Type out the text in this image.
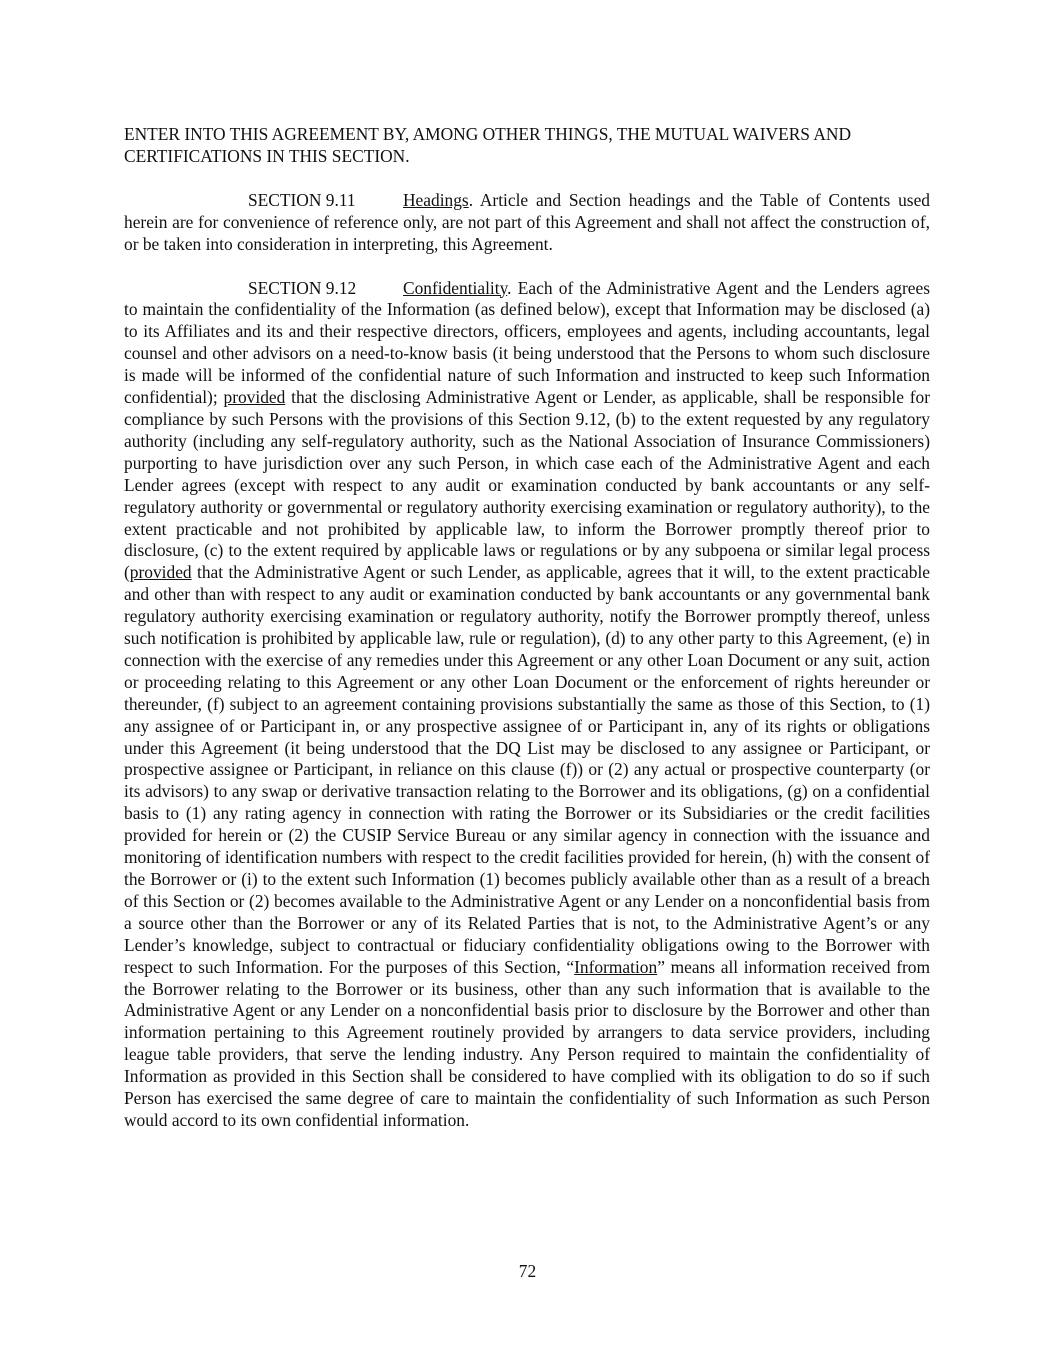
ENTER INTO THIS AGREEMENT BY, AMONG OTHER THINGS, THE MUTUAL WAIVERS AND CERTIFICATIONS IN THIS SECTION.

SECTION 9.11	Headings. Article and Section headings and the Table of Contents used herein are for convenience of reference only, are not part of this Agreement and shall not affect the construction of, or be taken into consideration in interpreting, this Agreement.

SECTION 9.12	Confidentiality. Each of the Administrative Agent and the Lenders agrees to maintain the confidentiality of the Information (as defined below), except that Information may be disclosed (a) to its Affiliates and its and their respective directors, officers, employees and agents, including accountants, legal counsel and other advisors on a need-to-know basis (it being understood that the Persons to whom such disclosure is made will be informed of the confidential nature of such Information and instructed to keep such Information confidential); provided that the disclosing Administrative Agent or Lender, as applicable, shall be responsible for compliance by such Persons with the provisions of this Section 9.12, (b) to the extent requested by any regulatory authority (including any self-regulatory authority, such as the National Association of Insurance Commissioners) purporting to have jurisdiction over any such Person, in which case each of the Administrative Agent and each Lender agrees (except with respect to any audit or examination conducted by bank accountants or any self-regulatory authority or governmental or regulatory authority exercising examination or regulatory authority), to the extent practicable and not prohibited by applicable law, to inform the Borrower promptly thereof prior to disclosure, (c) to the extent required by applicable laws or regulations or by any subpoena or similar legal process (provided that the Administrative Agent or such Lender, as applicable, agrees that it will, to the extent practicable and other than with respect to any audit or examination conducted by bank accountants or any governmental bank regulatory authority exercising examination or regulatory authority, notify the Borrower promptly thereof, unless such notification is prohibited by applicable law, rule or regulation), (d) to any other party to this Agreement, (e) in connection with the exercise of any remedies under this Agreement or any other Loan Document or any suit, action or proceeding relating to this Agreement or any other Loan Document or the enforcement of rights hereunder or thereunder, (f) subject to an agreement containing provisions substantially the same as those of this Section, to (1) any assignee of or Participant in, or any prospective assignee of or Participant in, any of its rights or obligations under this Agreement (it being understood that the DQ List may be disclosed to any assignee or Participant, or prospective assignee or Participant, in reliance on this clause (f)) or (2) any actual or prospective counterparty (or its advisors) to any swap or derivative transaction relating to the Borrower and its obligations, (g) on a confidential basis to (1) any rating agency in connection with rating the Borrower or its Subsidiaries or the credit facilities provided for herein or (2) the CUSIP Service Bureau or any similar agency in connection with the issuance and monitoring of identification numbers with respect to the credit facilities provided for herein, (h) with the consent of the Borrower or (i) to the extent such Information (1) becomes publicly available other than as a result of a breach of this Section or (2) becomes available to the Administrative Agent or any Lender on a nonconfidential basis from a source other than the Borrower or any of its Related Parties that is not, to the Administrative Agent’s or any Lender’s knowledge, subject to contractual or fiduciary confidentiality obligations owing to the Borrower with respect to such Information. For the purposes of this Section, “Information” means all information received from the Borrower relating to the Borrower or its business, other than any such information that is available to the Administrative Agent or any Lender on a nonconfidential basis prior to disclosure by the Borrower and other than information pertaining to this Agreement routinely provided by arrangers to data service providers, including league table providers, that serve the lending industry. Any Person required to maintain the confidentiality of Information as provided in this Section shall be considered to have complied with its obligation to do so if such Person has exercised the same degree of care to maintain the confidentiality of such Information as such Person would accord to its own confidential information.

72
